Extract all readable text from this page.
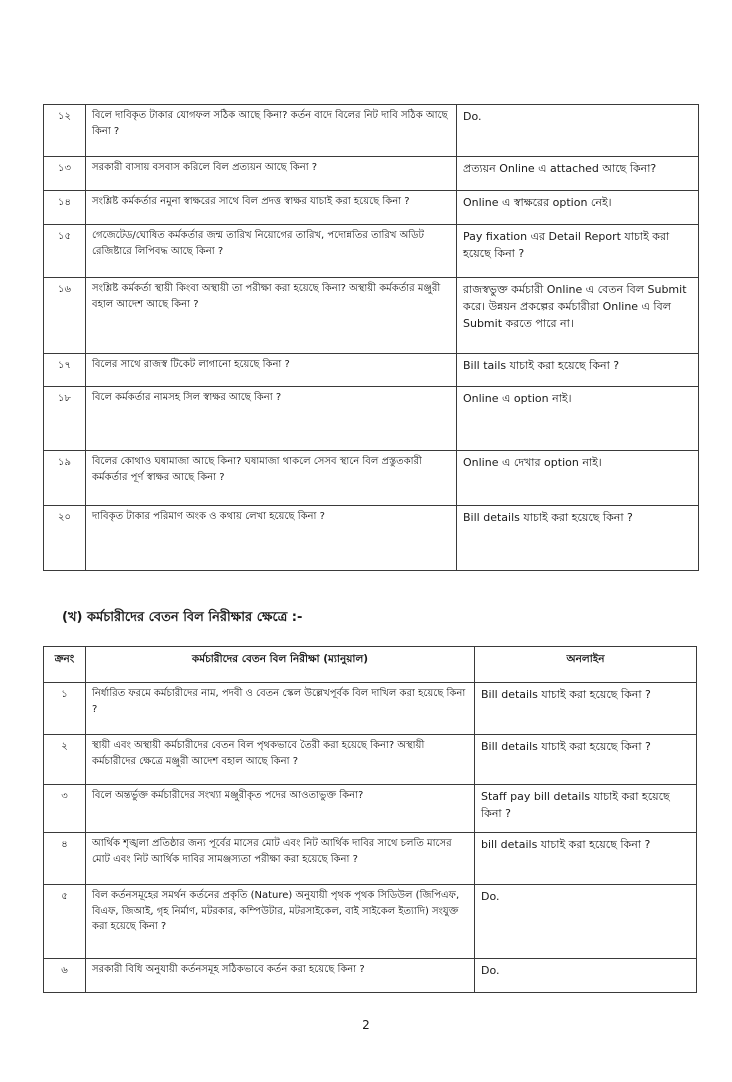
১২	বিলে দাবিকৃত টাকার যোগফল সঠিক আছে কিনা? কর্তন বাদে বিলের নিট দাবি সঠিক আছে কিনা ?	Do.
১৩	সরকারী বাসায় বসবাস করিলে বিল প্রত্যয়ন আছে কিনা ?	প্রত্যয়ন Online এ attached আছে কিনা?
১৪	সংশ্লিষ্ট কর্মকর্তার নমুনা স্বাক্ষরের সাথে বিল প্রদত্ত স্বাক্ষর যাচাই করা হয়েছে কিনা ?	Online এ স্বাক্ষরের option নেই।
১৫	গেজেটেড/ঘোষিত কর্মকর্তার জন্ম তারিখ নিয়োগের তারিখ, পদোন্নতির তারিখ অডিট রেজিষ্টারে লিপিবদ্ধ আছে কিনা ?	Pay fixation এর Detail Report যাচাই করা হয়েছে কিনা ?
১৬	সংশ্লিষ্ট কর্মকর্তা স্থায়ী কিংবা অস্থায়ী তা পরীক্ষা করা হয়েছে কিনা? অস্থায়ী কর্মকর্তার মঞ্জুরী বহাল আদেশ আছে কিনা ?	রাজস্বভুক্ত কর্মচারী Online এ বেতন বিল Submit করে। উন্নয়ন প্রকল্পের কর্মচারীরা Online এ বিল Submit করতে পারে না।
১৭	বিলের সাথে রাজস্ব টিকেট লাগানো হয়েছে কিনা ?	Bill tails যাচাই করা হয়েছে কিনা ?
১৮	বিলে কর্মকর্তার নামসহ সিল স্বাক্ষর আছে কিনা ?	Online এ option নাই।
১৯	বিলের কোথাও ঘষামাজা আছে কিনা? ঘষামাজা থাকলে সেসব স্থানে বিল প্রস্তুতকারী কর্মকর্তার পূর্ণ স্বাক্ষর আছে কিনা ?	Online এ দেখার option নাই।
২০	দাবিকৃত টাকার পরিমাণ অংক ও কথায় লেখা হয়েছে কিনা ?	Bill details যাচাই করা হয়েছে কিনা ?
(খ) কর্মচারীদের বেতন বিল নিরীক্ষার ক্ষেত্রে :-
ক্রনং	কর্মচারীদের বেতন বিল নিরীক্ষা (ম্যানুয়াল)	অনলাইন
১	নির্ধারিত ফরমে কর্মচারীদের নাম, পদবী ও বেতন স্কেল উল্লেখপূর্বক বিল দাখিল করা হয়েছে কিনা ?	Bill details যাচাই করা হয়েছে কিনা ?
২	স্থায়ী এবং অস্থায়ী কর্মচারীদের বেতন বিল পৃথকভাবে তৈরী করা হয়েছে কিনা? অস্থায়ী কর্মচারীদের ক্ষেত্রে মঞ্জুরী আদেশ বহাল আছে কিনা ?	Bill details যাচাই করা হয়েছে কিনা ?
৩	বিলে অন্তর্ভুক্ত কর্মচারীদের সংখ্যা মঞ্জুরীকৃত পদের আওতাভুক্ত কিনা?	Staff pay bill details যাচাই করা হয়েছে কিনা ?
৪	আর্থিক শৃঙ্খলা প্রতিষ্ঠার জন্য পূর্বের মাসের মোট এবং নিট আর্থিক দাবির সাথে চলতি মাসের মোট এবং নিট আর্থিক দাবির সামঞ্জস্যতা পরীক্ষা করা হয়েছে কিনা ?	bill details যাচাই করা হয়েছে কিনা ?
৫	বিল কর্তনসমূহের সমর্থন কর্তনের প্রকৃতি (Nature) অনুযায়ী পৃথক পৃথক সিডিউল (জিপিএফ, বিএফ, জিআই, গৃহ নির্মাণ, মটরকার, কম্পিউটার, মটরসাইকেল, বাই সাইকেল ইত্যাদি) সংযুক্ত করা হয়েছে কিনা ?	Do.
৬	সরকারী বিধি অনুযায়ী কর্তনসমূহ সঠিকভাবে কর্তন করা হয়েছে কিনা ?	Do.
2
